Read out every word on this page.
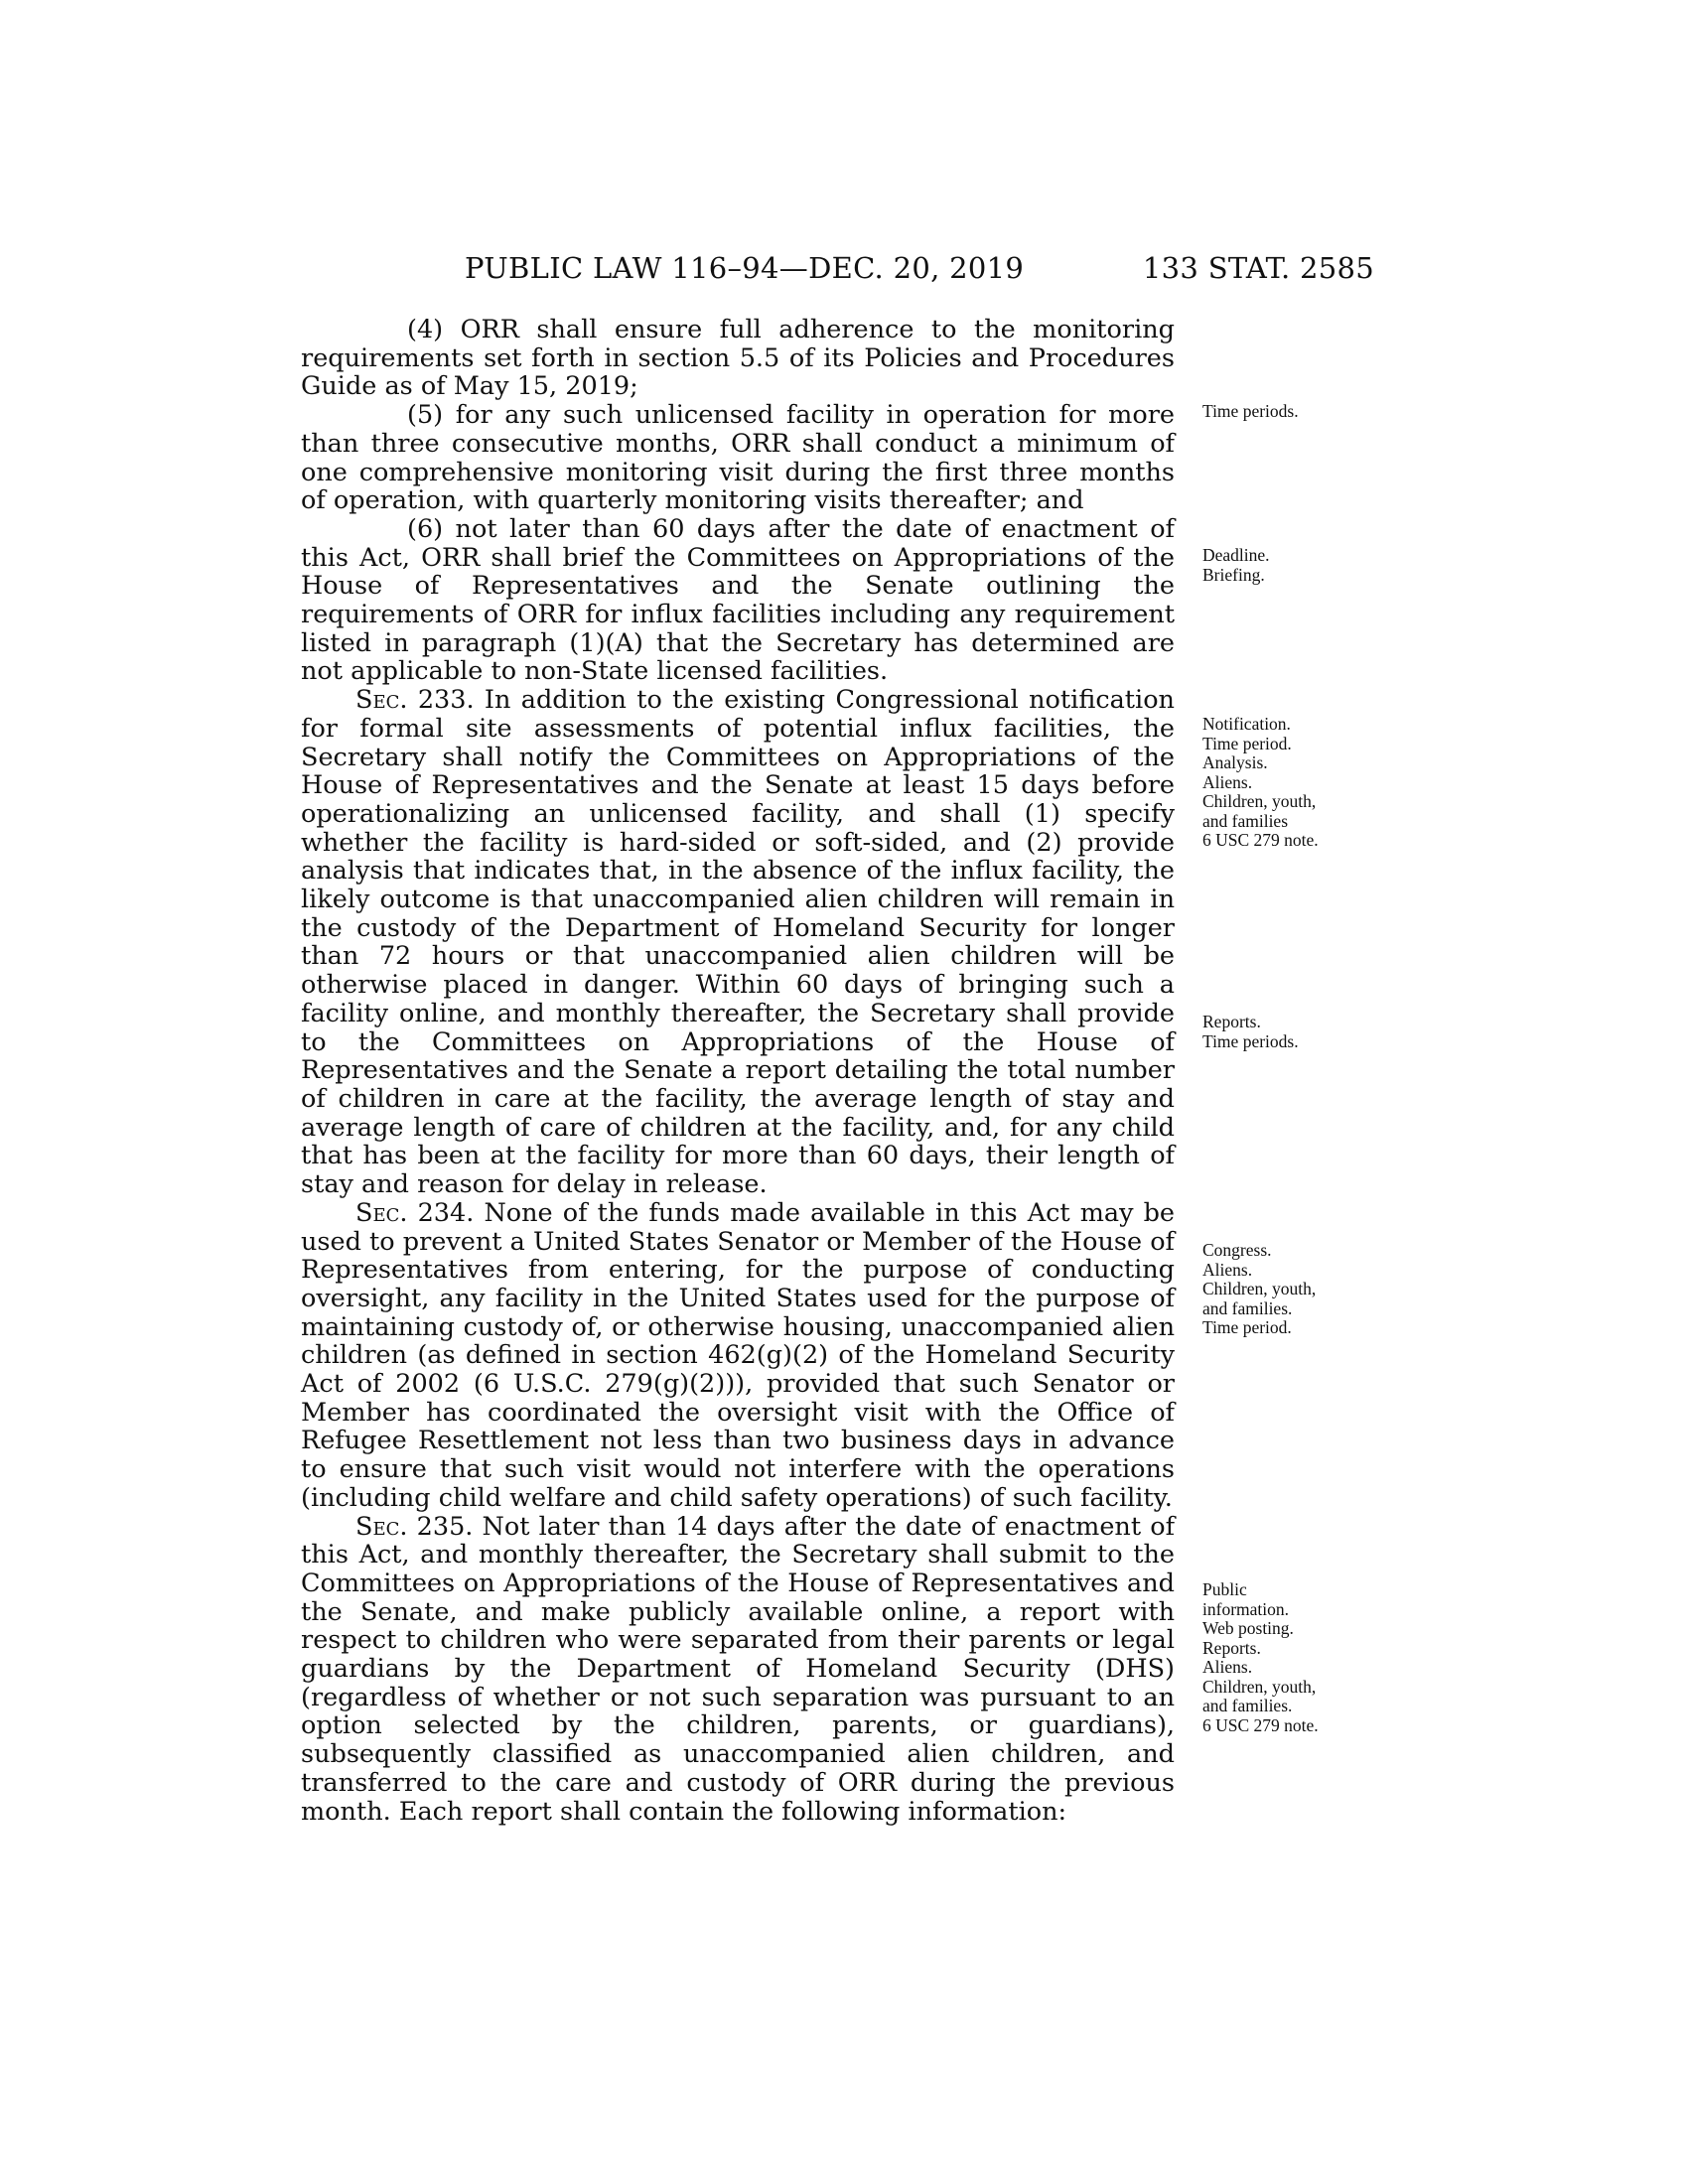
PUBLIC LAW 116–94—DEC. 20, 2019	133 STAT. 2585

(4) ORR shall ensure full adherence to the monitoring requirements set forth in section 5.5 of its Policies and Procedures Guide as of May 15, 2019;

(5) for any such unlicensed facility in operation for more than three consecutive months, ORR shall conduct a minimum of one comprehensive monitoring visit during the first three months of operation, with quarterly monitoring visits thereafter; and

(6) not later than 60 days after the date of enactment of this Act, ORR shall brief the Committees on Appropriations of the House of Representatives and the Senate outlining the requirements of ORR for influx facilities including any requirement listed in paragraph (1)(A) that the Secretary has determined are not applicable to non-State licensed facilities.

Sec. 233. In addition to the existing Congressional notification for formal site assessments of potential influx facilities, the Secretary shall notify the Committees on Appropriations of the House of Representatives and the Senate at least 15 days before operationalizing an unlicensed facility, and shall (1) specify whether the facility is hard-sided or soft-sided, and (2) provide analysis that indicates that, in the absence of the influx facility, the likely outcome is that unaccompanied alien children will remain in the custody of the Department of Homeland Security for longer than 72 hours or that unaccompanied alien children will be otherwise placed in danger. Within 60 days of bringing such a facility online, and monthly thereafter, the Secretary shall provide to the Committees on Appropriations of the House of Representatives and the Senate a report detailing the total number of children in care at the facility, the average length of stay and average length of care of children at the facility, and, for any child that has been at the facility for more than 60 days, their length of stay and reason for delay in release.

Sec. 234. None of the funds made available in this Act may be used to prevent a United States Senator or Member of the House of Representatives from entering, for the purpose of conducting oversight, any facility in the United States used for the purpose of maintaining custody of, or otherwise housing, unaccompanied alien children (as defined in section 462(g)(2) of the Homeland Security Act of 2002 (6 U.S.C. 279(g)(2))), provided that such Senator or Member has coordinated the oversight visit with the Office of Refugee Resettlement not less than two business days in advance to ensure that such visit would not interfere with the operations (including child welfare and child safety operations) of such facility.

Sec. 235. Not later than 14 days after the date of enactment of this Act, and monthly thereafter, the Secretary shall submit to the Committees on Appropriations of the House of Representatives and the Senate, and make publicly available online, a report with respect to children who were separated from their parents or legal guardians by the Department of Homeland Security (DHS) (regardless of whether or not such separation was pursuant to an option selected by the children, parents, or guardians), subsequently classified as unaccompanied alien children, and transferred to the care and custody of ORR during the previous month. Each report shall contain the following information:

Time periods.
Deadline.
Briefing.
Notification.
Time period.
Analysis.
Aliens.
Children, youth,
and families
6 USC 279 note.
Reports.
Time periods.
Congress.
Aliens.
Children, youth,
and families.
Time period.
Public
information.
Web posting.
Reports.
Aliens.
Children, youth,
and families.
6 USC 279 note.
